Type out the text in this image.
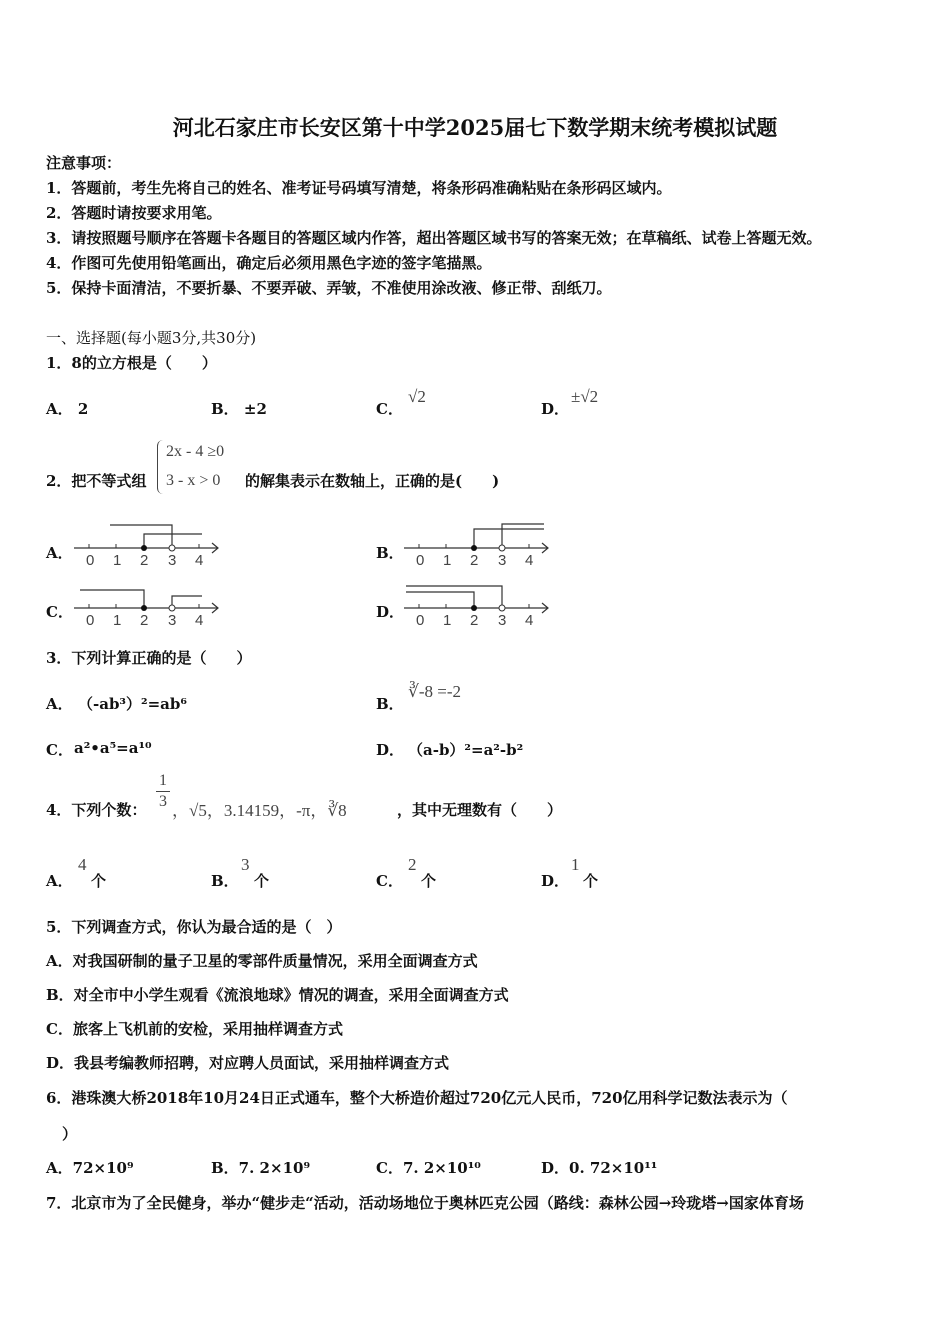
河北石家庄市长安区第十中学2025届七下数学期末统考模拟试题
注意事项：
1．答题前，考生先将自己的姓名、准考证号码填写清楚，将条形码准确粘贴在条形码区域内。
2．答题时请按要求用笔。
3．请按照题号顺序在答题卡各题目的答题区域内作答，超出答题区域书写的答案无效；在草稿纸、试卷上答题无效。
4．作图可先使用铅笔画出，确定后必须用黑色字迹的签字笔描黑。
5．保持卡面清洁，不要折暴、不要弄破、弄皱，不准使用涂改液、修正带、刮纸刀。
一、选择题(每小题3分,共30分)
1．8的立方根是（　　）
A． 2	B． ±2	C．
√2
D．
±√2
2．把不等式组
2x - 4 ≥0
3 - x > 0 的解集表示在数轴上，正确的是(　　)
A．	B．
C．	D．
0 1 2 3 4	0 1 2 3 4
0 1 2 3 4	0 1 2 3 4
3．下列计算正确的是（　　）
A． （-ab³）²=ab⁶	B．
∛-8 =-2
C． a²•a⁵=a¹⁰	D． （a-b）²=a²-b²
4．下列个数：
1
3 ，√5，3.14159，-π，∛8	，其中无理数有（　　）
A．
4
个	B．
3
个	C．
2
个	D．
1
个
5．下列调查方式，你认为最合适的是（　）
A．对我国研制的量子卫星的零部件质量情况，采用全面调查方式
B．对全市中小学生观看《流浪地球》情况的调查，采用全面调查方式
C．旅客上飞机前的安检，采用抽样调查方式
D．我县考编教师招聘，对应聘人员面试，采用抽样调查方式
6．港珠澳大桥2018年10月24日正式通车，整个大桥造价超过720亿元人民币，720亿用科学记数法表示为（
）
A．72×10⁹	B．7. 2×10⁹	C．7. 2×10¹⁰	D．0. 72×10¹¹
7．北京市为了全民健身，举办“健步走“活动，活动场地位于奥林匹克公园（路线：森林公园→玲珑塔→国家体育场
